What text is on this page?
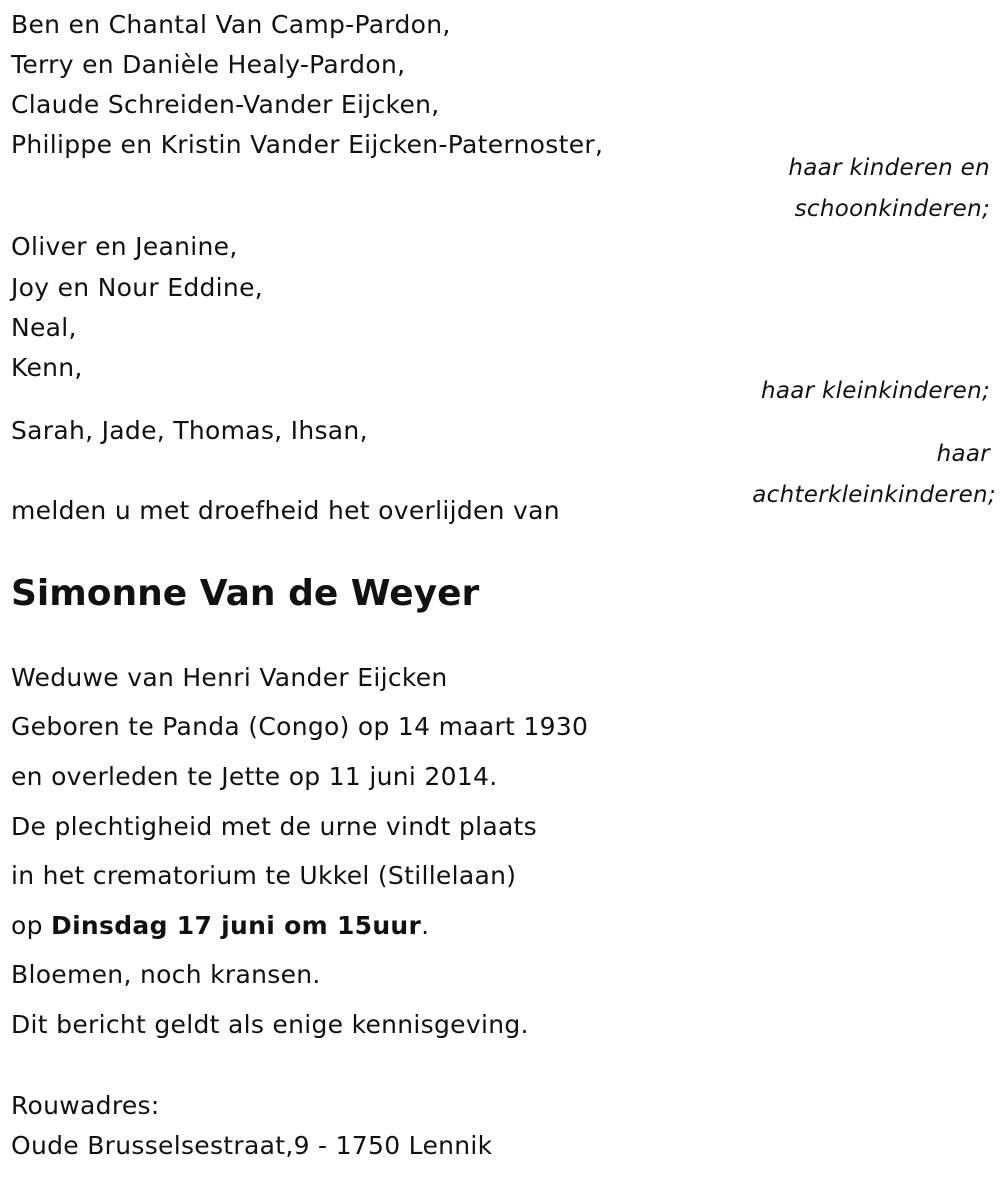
Ben en Chantal Van Camp-Pardon,
Terry en Danièle Healy-Pardon,
Claude Schreiden-Vander Eijcken,
Philippe en Kristin Vander Eijcken-Paternoster,
haar kinderen en
schoonkinderen;
Oliver en Jeanine,
Joy en Nour Eddine,
Neal,
Kenn,
haar kleinkinderen;
Sarah, Jade, Thomas, Ihsan,
haar
achterkleinkinderen;
melden u met droefheid het overlijden van
Simonne Van de Weyer
Weduwe van Henri Vander Eijcken
Geboren te Panda (Congo) op 14 maart 1930
en overleden te Jette op 11 juni 2014.
De plechtigheid met de urne vindt plaats
in het crematorium te Ukkel (Stillelaan)
op Dinsdag 17 juni om 15uur.
Bloemen, noch kransen.
Dit bericht geldt als enige kennisgeving.
Rouwadres:
Oude Brusselsestraat,9 - 1750 Lennik
